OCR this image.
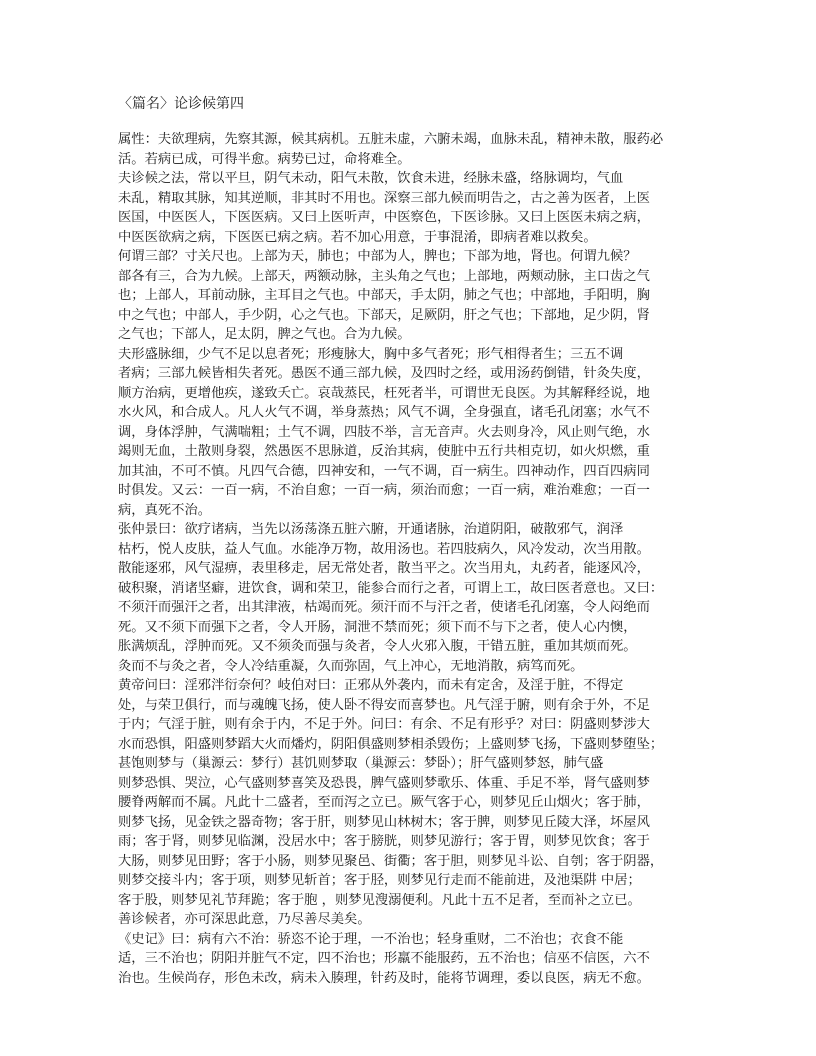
〈篇名〉论诊候第四

属性：夫欲理病，先察其源，候其病机。五脏未虚，六腑未竭，血脉未乱，精神未散，服药必

活。若病已成，可得半愈。病势已过，命将难全。

夫诊候之法，常以平旦，阴气未动，阳气未散，饮食未进，经脉未盛，络脉调均，气血

未乱，精取其脉，知其逆顺，非其时不用也。深察三部九候而明告之，古之善为医者，上医

医国，中医医人，下医医病。又曰上医听声，中医察色，下医诊脉。又曰上医医未病之病，

中医医欲病之病，下医医已病之病。若不加心用意，于事混淆，即病者难以救矣。

何谓三部？寸关尺也。上部为天，肺也；中部为人，脾也；下部为地，肾也。何谓九候？

部各有三，合为九候。上部天，两额动脉，主头角之气也；上部地，两颊动脉，主口齿之气

也；上部人，耳前动脉，主耳目之气也。中部天，手太阴，肺之气也；中部地，手阳明，胸

中之气也；中部人，手少阴，心之气也。下部天，足厥阴，肝之气也；下部地，足少阴，肾

之气也；下部人，足太阴，脾之气也。合为九候。

夫形盛脉细，少气不足以息者死；形瘦脉大，胸中多气者死；形气相得者生；三五不调

者病；三部九候皆相失者死。愚医不通三部九候，及四时之经，或用汤药倒错，针灸失度，

顺方治病，更增他疾，遂致夭亡。哀哉蒸民，枉死者半，可谓世无良医。为其解释经说，地

水火风，和合成人。凡人火气不调，举身蒸热；风气不调，全身强直，诸毛孔闭塞；水气不

调，身体浮肿，气满喘粗；土气不调，四肢不举，言无音声。火去则身冷，风止则气绝，水

竭则无血，土散则身裂，然愚医不思脉道，反治其病，使脏中五行共相克切，如火炽燃，重

加其油，不可不慎。凡四气合德，四神安和，一气不调，百一病生。四神动作，四百四病同

时俱发。又云：一百一病，不治自愈；一百一病，须治而愈；一百一病，难治难愈；一百一

病，真死不治。

张仲景曰：欲疗诸病，当先以汤荡涤五脏六腑，开通诸脉，治道阴阳，破散邪气，润泽

枯朽，悦人皮肤，益人气血。水能净万物，故用汤也。若四肢病久，风冷发动，次当用散。

散能逐邪，风气湿痹，表里移走，居无常处者，散当平之。次当用丸，丸药者，能逐风冷，

破积聚，消诸坚癖，进饮食，调和荣卫，能参合而行之者，可谓上工，故曰医者意也。又曰：

不须汗而强汗之者，出其津液，枯竭而死。须汗而不与汗之者，使诸毛孔闭塞，令人闷绝而

死。又不须下而强下之者，令人开肠，洞泄不禁而死；须下而不与下之者，使人心内懊，

胀满烦乱，浮肿而死。又不须灸而强与灸者，令人火邪入腹，干错五脏，重加其烦而死。

灸而不与灸之者，令人冷结重凝，久而弥固，气上冲心，无地消散，病笃而死。

黄帝问曰：淫邪泮衍奈何？岐伯对曰：正邪从外袭内，而未有定舍，及淫于脏，不得定

处，与荣卫俱行，而与魂魄飞扬，使人卧不得安而喜梦也。凡气淫于腑，则有余于外，不足

于内；气淫于脏，则有余于内，不足于外。问曰：有余、不足有形乎？对曰：阴盛则梦涉大

水而恐惧，阳盛则梦蹈大火而燔灼，阴阳俱盛则梦相杀毁伤；上盛则梦飞扬，下盛则梦堕坠；

甚饱则梦与（巢源云：梦行）甚饥则梦取（巢源云：梦卧）；肝气盛则梦怒，肺气盛

则梦恐惧、哭泣，心气盛则梦喜笑及恐畏，脾气盛则梦歌乐、体重、手足不举，肾气盛则梦

腰脊两解而不属。凡此十二盛者，至而泻之立已。厥气客于心，则梦见丘山烟火；客于肺，

则梦飞扬，见金铁之器奇物；客于肝，则梦见山林树木；客于脾，则梦见丘陵大泽，坏屋风

雨；客于肾，则梦见临渊，没居水中；客于膀胱，则梦见游行；客于胃，则梦见饮食；客于

大肠，则梦见田野；客于小肠，则梦见聚邑、街衢；客于胆，则梦见斗讼、自刳；客于阴器，

则梦交接斗内；客于项，则梦见斩首；客于胫，则梦见行走而不能前进，及池渠阱 中居；

客于股，则梦见礼节拜跪；客于胞 ，则梦见溲溺便利。凡此十五不足者，至而补之立已。

善诊候者，亦可深思此意，乃尽善尽美矣。

《史记》曰：病有六不治：骄恣不论于理，一不治也；轻身重财，二不治也；衣食不能

适，三不治也；阴阳并脏气不定，四不治也；形羸不能服药，五不治也；信巫不信医，六不

治也。生候尚存，形色未改，病未入腠理，针药及时，能将节调理，委以良医，病无不愈。
